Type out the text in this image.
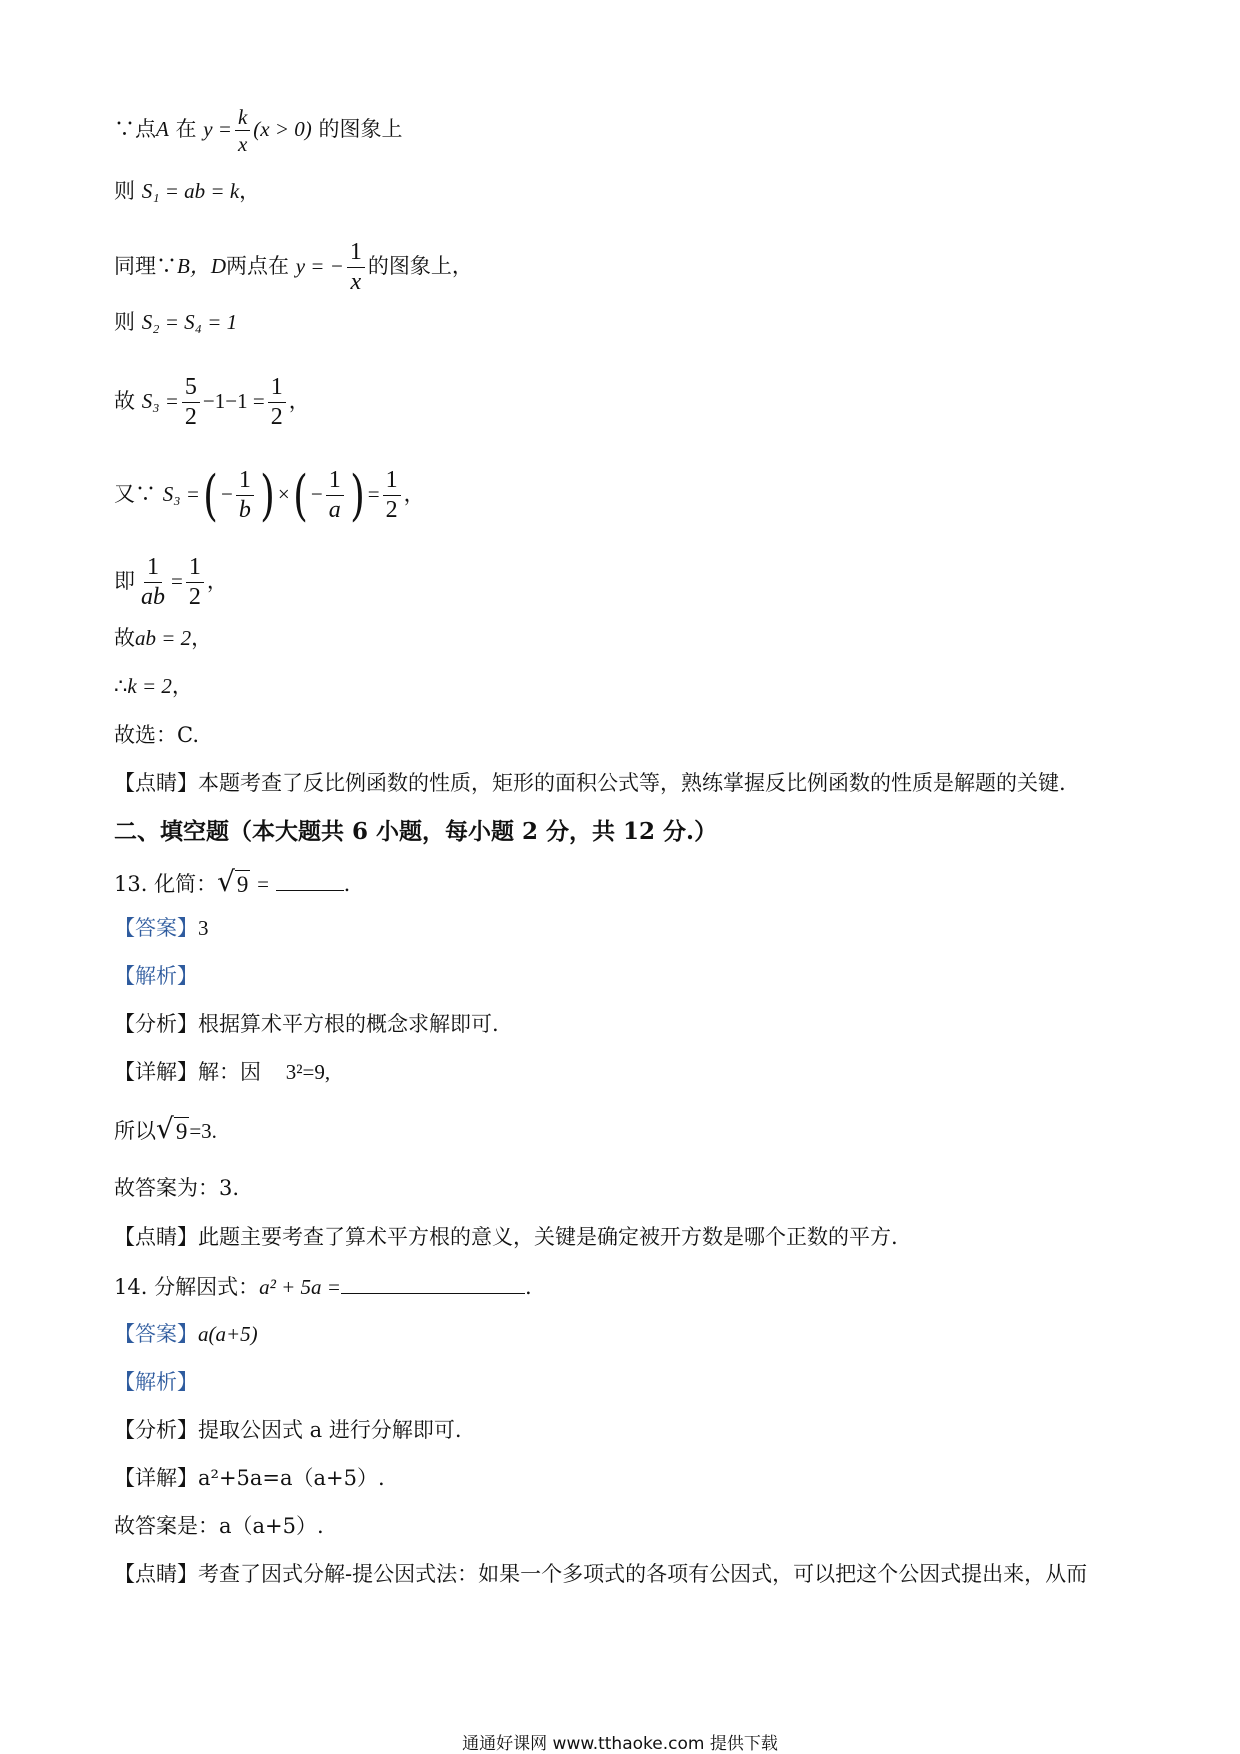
∵点A 在 $y = \frac{k}{x} (x > 0)$ 的图象上
则 S₁ = ab = k，
同理∵B，D两点在 y = − $\frac{1}{x}$ 的图象上，
则 S₂ = S₄ = 1
故 $S_3 = \frac{5}{2} -1-1 = \frac{1}{2}$ ，
又∵ S₃ =( − $\frac{1}{b}$ ) ×( − $\frac{1}{a}$ ) = $\frac{1}{2}$ ，
即 $\frac{1}{ab} = \frac{1}{2}$ ，
故ab = 2，
∴k = 2，
故选：C.
【点睛】本题考查了反比例函数的性质，矩形的面积公式等，熟练掌握反比例函数的性质是解题的关键.
二、填空题（本大题共 6 小题，每小题 2 分，共 12 分.）
13. 化简： √ 9 =	.
【答案】3
【解析】
【分析】根据算术平方根的概念求解即可.
【详解】解：因 3²=9,
所以 √ 9 =3.
故答案为：3.
【点睛】此题主要考查了算术平方根的意义，关键是确定被开方数是哪个正数的平方.
14. 分解因式：a² + 5a =	.
【答案】a(a+5)
【解析】
【分析】提取公因式 a 进行分解即可.
【详解】a²+5a=a（a+5）.
故答案是：a（a+5）.
【点睛】考查了因式分解-提公因式法：如果一个多项式的各项有公因式，可以把这个公因式提出来，从而
通通好课网 www.tthaoke.com 提供下载
